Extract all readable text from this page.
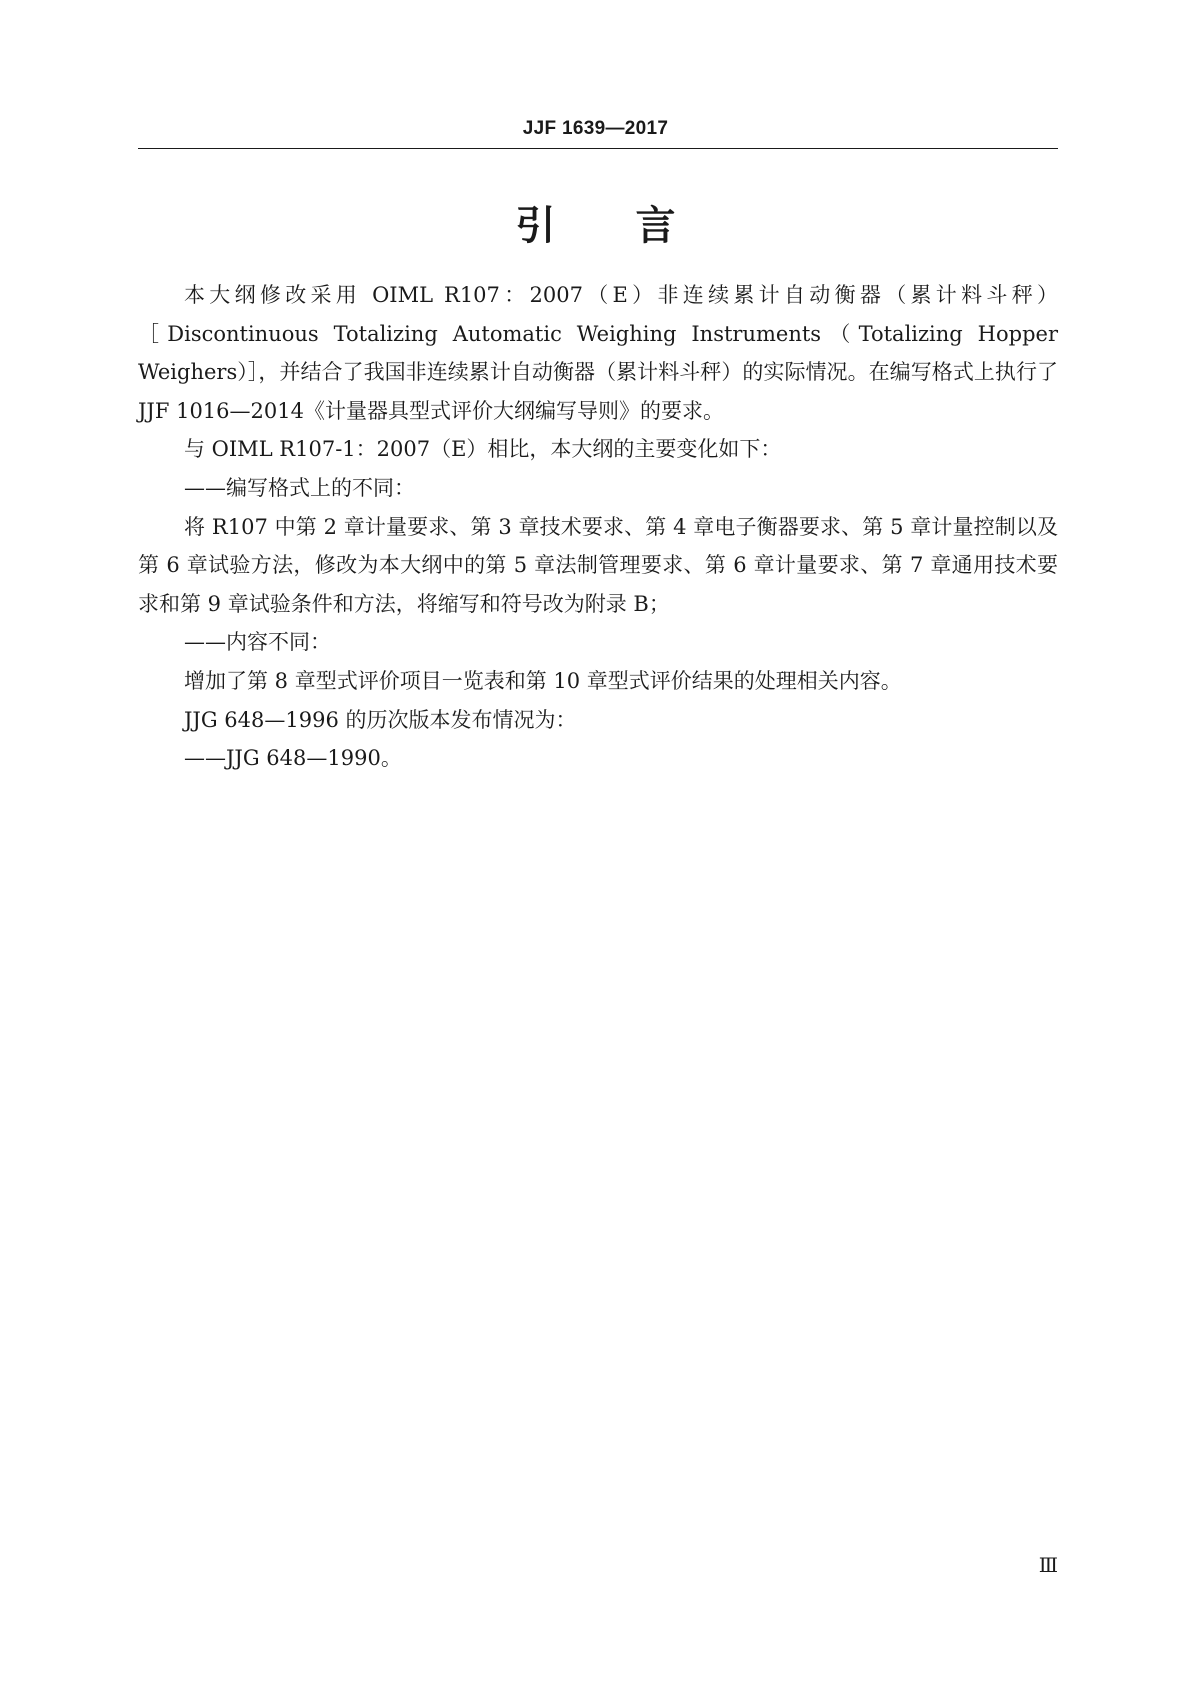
JJF 1639—2017
引言

本大纲修改采用 OIML R107：2007（E）非连续累计自动衡器（累计料斗秤）［Discontinuous Totalizing Automatic Weighing Instruments（Totalizing Hopper Weighers）］，并结合了我国非连续累计自动衡器（累计料斗秤）的实际情况。在编写格式上执行了 JJF 1016—2014《计量器具型式评价大纲编写导则》的要求。

与 OIML R107-1：2007（E）相比，本大纲的主要变化如下：

——编写格式上的不同：

将 R107 中第 2 章计量要求、第 3 章技术要求、第 4 章电子衡器要求、第 5 章计量控制以及第 6 章试验方法，修改为本大纲中的第 5 章法制管理要求、第 6 章计量要求、第 7 章通用技术要求和第 9 章试验条件和方法，将缩写和符号改为附录 B；

——内容不同：

增加了第 8 章型式评价项目一览表和第 10 章型式评价结果的处理相关内容。

JJG 648—1996 的历次版本发布情况为：

——JJG 648—1990。

Ⅲ
